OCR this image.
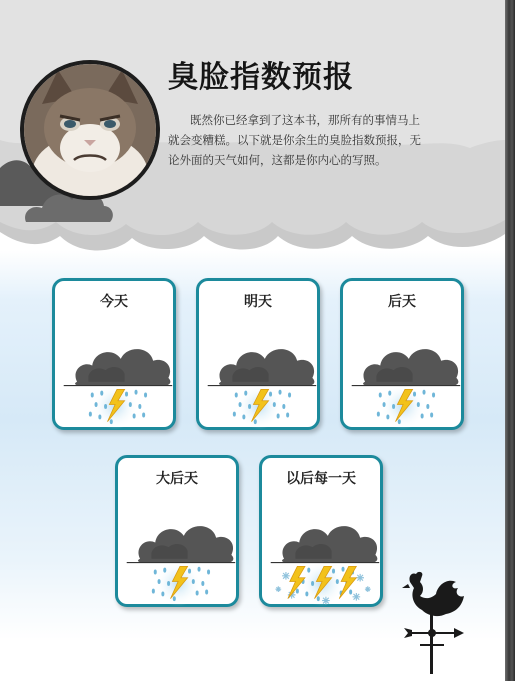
臭脸指数预报

既然你已经拿到了这本书，那所有的事情马上就会变糟糕。以下就是你余生的臭脸指数预报，无论外面的天气如何，这都是你内心的写照。

今天	明天	后天
大后天	以后每一天
